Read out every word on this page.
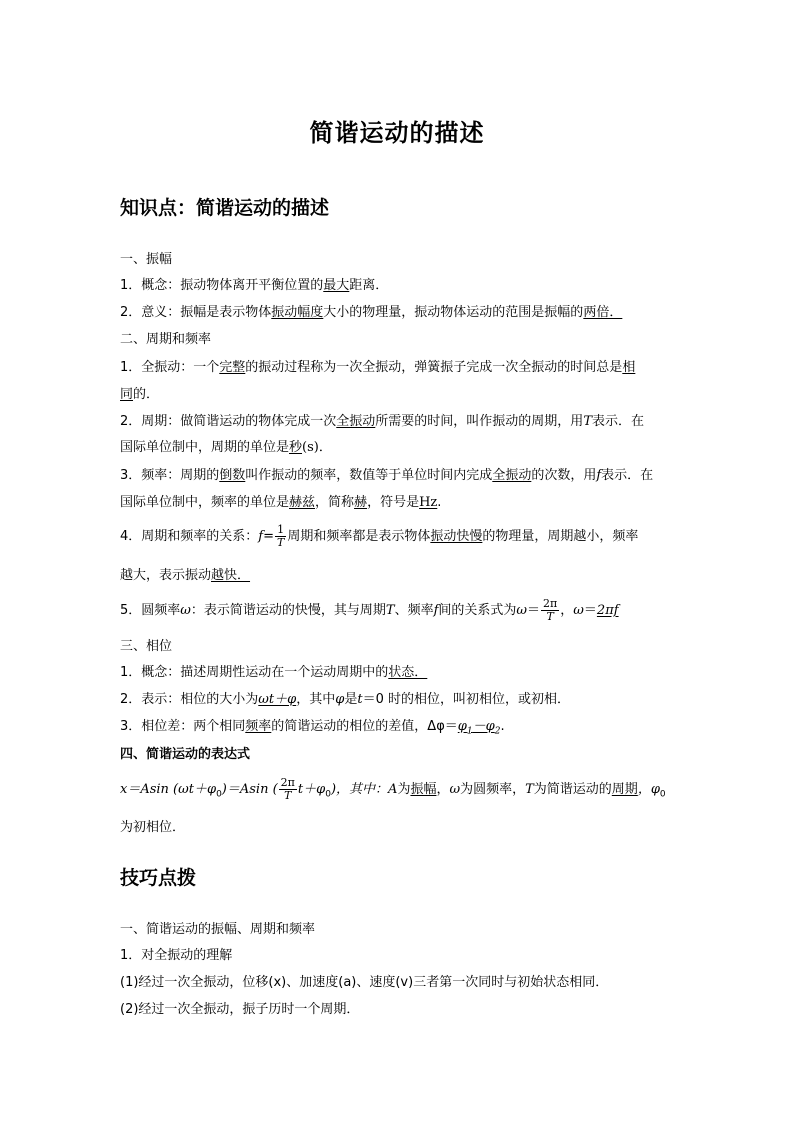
简谐运动的描述
知识点：简谐运动的描述
一、振幅
1．概念：振动物体离开平衡位置的最大距离．
2．意义：振幅是表示物体振动幅度大小的物理量，振动物体运动的范围是振幅的两倍．
二、周期和频率
1．全振动：一个完整的振动过程称为一次全振动，弹簧振子完成一次全振动的时间总是相
同的．
2．周期：做简谐运动的物体完成一次全振动所需要的时间，叫作振动的周期，用T表示．在
国际单位制中，周期的单位是秒(s)．
3．频率：周期的倒数叫作振动的频率，数值等于单位时间内完成全振动的次数，用f表示．在
国际单位制中，频率的单位是赫兹，简称赫，符号是Hz.
4．周期和频率的关系：$f= \frac{1}{T}$ 周期和频率都是表示物体振动快慢的物理量，周期越小，频率
越大，表示振动越快．
5．圆频率ω：表示简谐运动的快慢，其与周期T、频率f间的关系式为$\omega= \frac{2\pi}{T}$ ，ω＝2πf
三、相位
1．概念：描述周期性运动在一个运动周期中的状态．
2．表示：相位的大小为ωt＋φ，其中φ是t＝0 时的相位，叫初相位，或初相．
3．相位差：两个相同频率的简谐运动的相位的差值，$\Delta\varphi=\varphi_1-\varphi_2$.
四、简谐运动的表达式
x＝Asin $(\omega t+\varphi_0)=Asin$ ( $\frac{2\pi}{T} t+\varphi_0$)，其中：A为振幅，ω为圆频率，T为简谐运动的周期，$\varphi_0$
为初相位．
技巧点拨
一、简谐运动的振幅、周期和频率
1．对全振动的理解
(1)经过一次全振动，位移(x)、加速度(a)、速度(v)三者第一次同时与初始状态相同．
(2)经过一次全振动，振子历时一个周期．
